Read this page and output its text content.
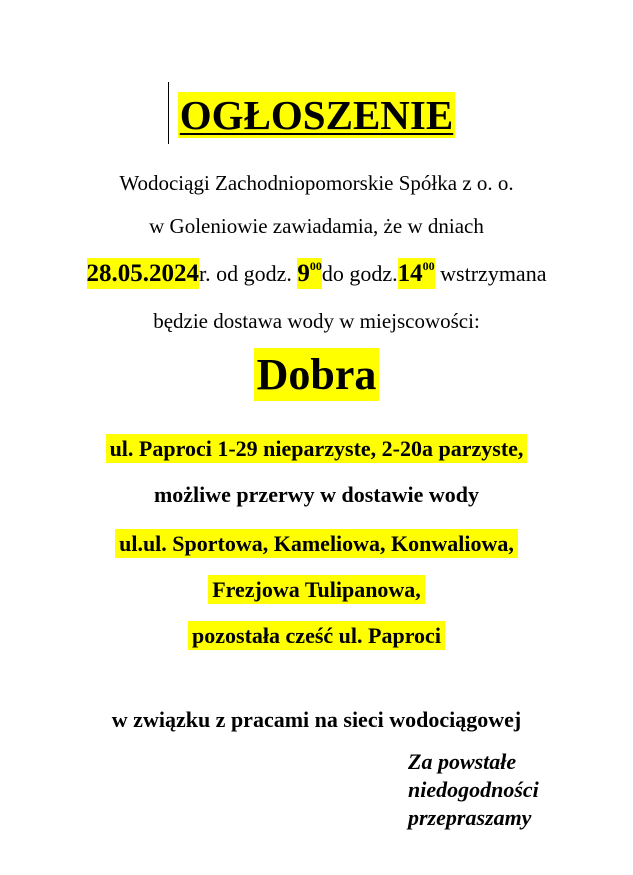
OGŁOSZENIE
Wodociągi Zachodniopomorskie Spółka z o. o.
w Goleniowie zawiadamia, że w dniach
28.05.2024r. od godz. $9^{00}do$ $godz.14^{00}$ wstrzymana
będzie dostawa wody w miejscowości:
Dobra
ul. Paproci 1-29 nieparzyste, 2-20a parzyste,
możliwe przerwy w dostawie wody
ul.ul. Sportowa, Kameliowa, Konwaliowa,
Frezjowa Tulipanowa,
pozostała cześć ul. Paproci
w związku z pracami na sieci wodociągowej
Za powstałe
niedogodności
przepraszamy
